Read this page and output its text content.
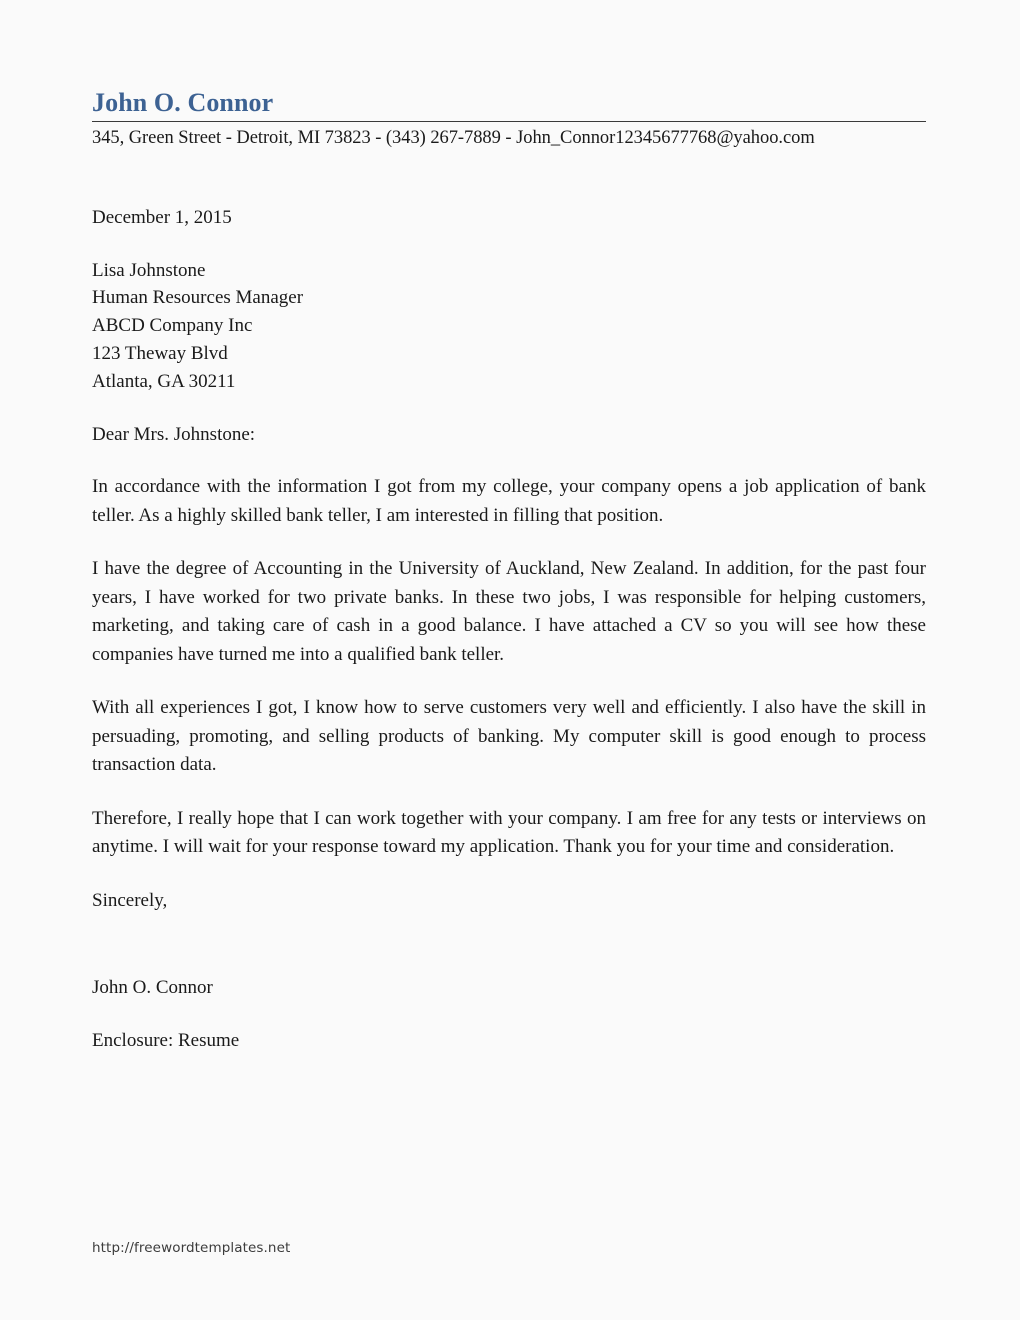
John O. Connor

345, Green Street - Detroit, MI 73823 - (343) 267-7889 - John_Connor12345677768@yahoo.com

December 1, 2015

Lisa Johnstone
Human Resources Manager
ABCD Company Inc
123 Theway Blvd
Atlanta, GA 30211

Dear Mrs. Johnstone:

In accordance with the information I got from my college, your company opens a job application of bank teller. As a highly skilled bank teller, I am interested in filling that position.

I have the degree of Accounting in the University of Auckland, New Zealand. In addition, for the past four years, I have worked for two private banks. In these two jobs, I was responsible for helping customers, marketing, and taking care of cash in a good balance. I have attached a CV so you will see how these companies have turned me into a qualified bank teller.

With all experiences I got, I know how to serve customers very well and efficiently. I also have the skill in persuading, promoting, and selling products of banking. My computer skill is good enough to process transaction data.

Therefore, I really hope that I can work together with your company. I am free for any tests or interviews on anytime. I will wait for your response toward my application. Thank you for your time and consideration.

Sincerely,

John O. Connor

Enclosure: Resume

http://freewordtemplates.net
